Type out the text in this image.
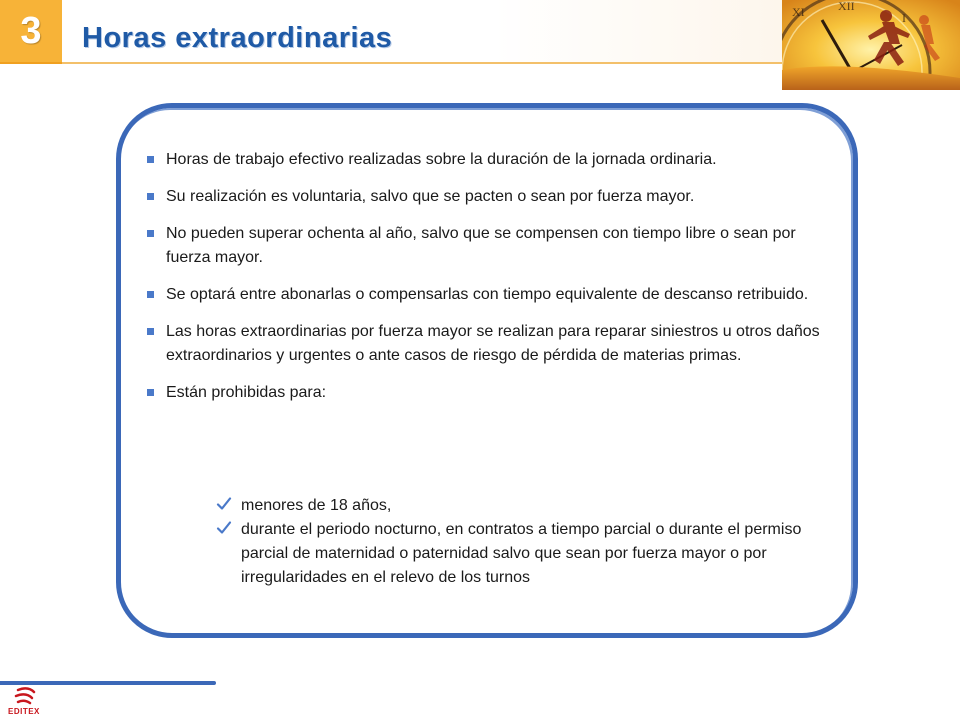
3	Horas extraordinarias
XI	XII
I
Horas de trabajo efectivo realizadas sobre la duración de la jornada ordinaria.
Su realización es voluntaria, salvo que se pacten o sean por fuerza mayor.
No pueden superar ochenta al año, salvo que se compensen con tiempo libre o sean por fuerza mayor.
Se optará entre abonarlas o compensarlas con tiempo equivalente de descanso retribuido.
Las horas extraordinarias por fuerza mayor se realizan para reparar siniestros u otros daños extraordinarios y urgentes o ante casos de riesgo de pérdida de materias primas.
Están prohibidas para:
menores de 18 años,
durante el periodo nocturno, en contratos a tiempo parcial o durante el permiso parcial de maternidad o paternidad salvo que sean por fuerza mayor o por irregularidades en el relevo de los turnos
EDITEX
